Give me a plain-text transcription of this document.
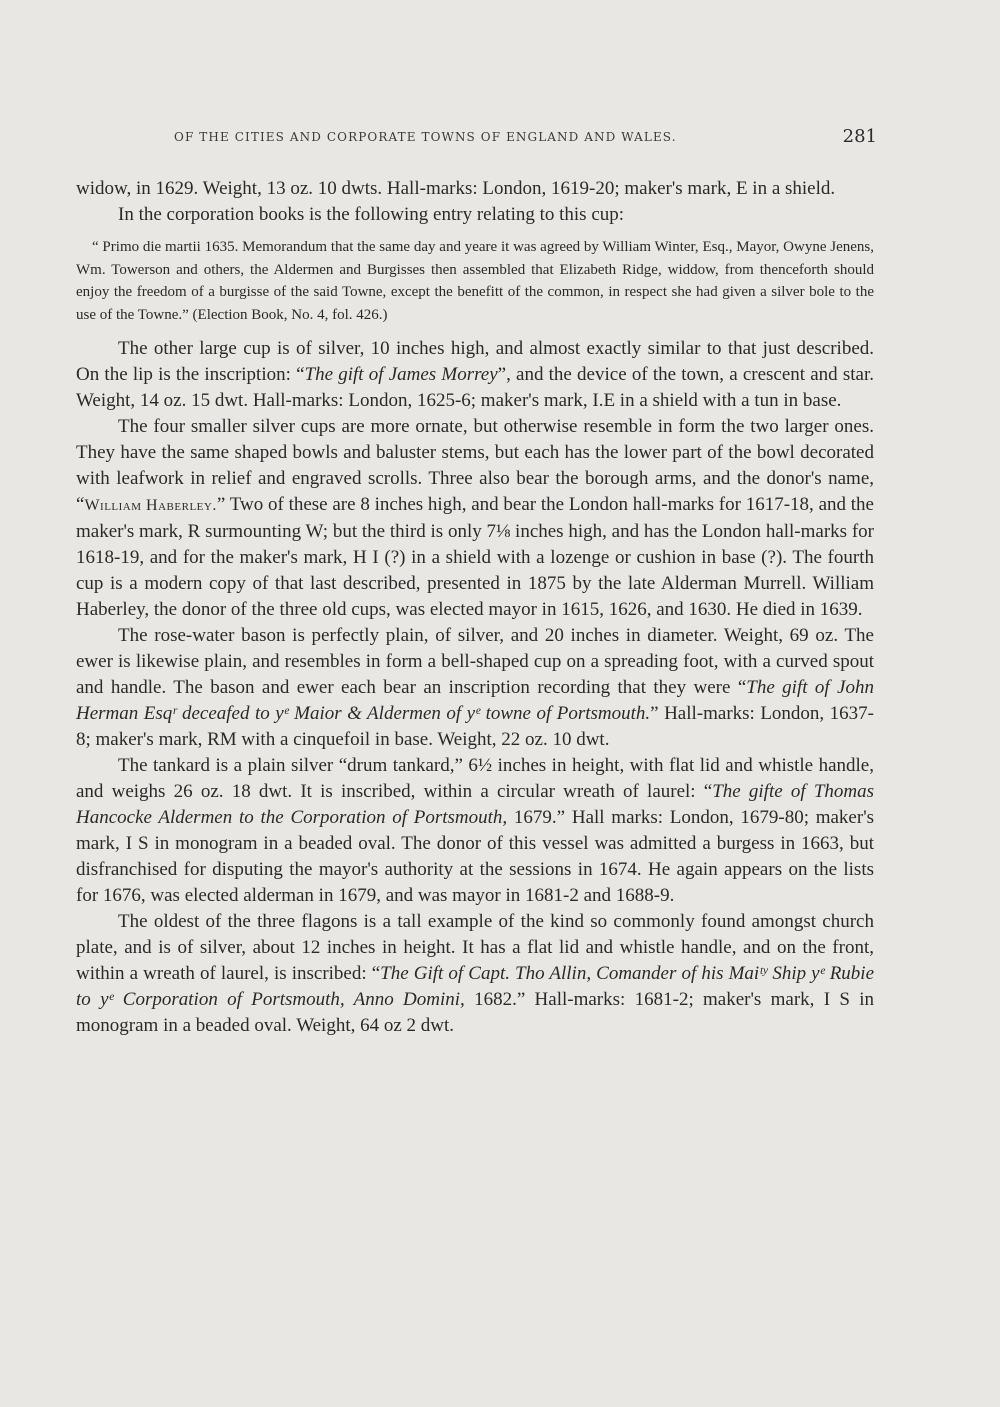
OF THE CITIES AND CORPORATE TOWNS OF ENGLAND AND WALES.	281

widow, in 1629. Weight, 13 oz. 10 dwts. Hall-marks: London, 1619-20; maker's mark, E in a shield.

In the corporation books is the following entry relating to this cup:

“ Primo die martii 1635. Memorandum that the same day and yeare it was agreed by William Winter, Esq., Mayor, Owyne Jenens, Wm. Towerson and others, the Aldermen and Burgisses then assembled that Elizabeth Ridge, widdow, from thenceforth should enjoy the freedom of a burgisse of the said Towne, except the benefitt of the common, in respect she had given a silver bole to the use of the Towne.” (Election Book, No. 4, fol. 426.)

The other large cup is of silver, 10 inches high, and almost exactly similar to that just described. On the lip is the inscription: “The gift of James Morrey”, and the device of the town, a crescent and star. Weight, 14 oz. 15 dwt. Hall-marks: London, 1625-6; maker's mark, I.E in a shield with a tun in base.

The four smaller silver cups are more ornate, but otherwise resemble in form the two larger ones. They have the same shaped bowls and baluster stems, but each has the lower part of the bowl decorated with leafwork in relief and engraved scrolls. Three also bear the borough arms, and the donor's name, “William Haberley.” Two of these are 8 inches high, and bear the London hall-marks for 1617-18, and the maker's mark, R surmounting W; but the third is only 7⅛ inches high, and has the London hall-marks for 1618-19, and for the maker's mark, H I (?) in a shield with a lozenge or cushion in base (?). The fourth cup is a modern copy of that last described, presented in 1875 by the late Alderman Murrell. William Haberley, the donor of the three old cups, was elected mayor in 1615, 1626, and 1630. He died in 1639.

The rose-water bason is perfectly plain, of silver, and 20 inches in diameter. Weight, 69 oz. The ewer is likewise plain, and resembles in form a bell-shaped cup on a spreading foot, with a curved spout and handle. The bason and ewer each bear an inscription recording that they were “The gift of John Herman Esqʳ deceafed to yᵉ Maior & Aldermen of yᵉ towne of Portsmouth.” Hall-marks: London, 1637-8; maker's mark, RM with a cinquefoil in base. Weight, 22 oz. 10 dwt.

The tankard is a plain silver “drum tankard,” 6½ inches in height, with flat lid and whistle handle, and weighs 26 oz. 18 dwt. It is inscribed, within a circular wreath of laurel: “The gifte of Thomas Hancocke Aldermen to the Corporation of Portsmouth, 1679.” Hall marks: London, 1679-80; maker's mark, I S in monogram in a beaded oval. The donor of this vessel was admitted a burgess in 1663, but disfranchised for disputing the mayor's authority at the sessions in 1674. He again appears on the lists for 1676, was elected alderman in 1679, and was mayor in 1681-2 and 1688-9.

The oldest of the three flagons is a tall example of the kind so commonly found amongst church plate, and is of silver, about 12 inches in height. It has a flat lid and whistle handle, and on the front, within a wreath of laurel, is inscribed: “The Gift of Capt. Tho Allin, Comander of his Maiᵗʸ Ship yᵉ Rubie to yᵉ Corporation of Portsmouth, Anno Domini, 1682.” Hall-marks: 1681-2; maker's mark, I S in monogram in a beaded oval. Weight, 64 oz 2 dwt.
